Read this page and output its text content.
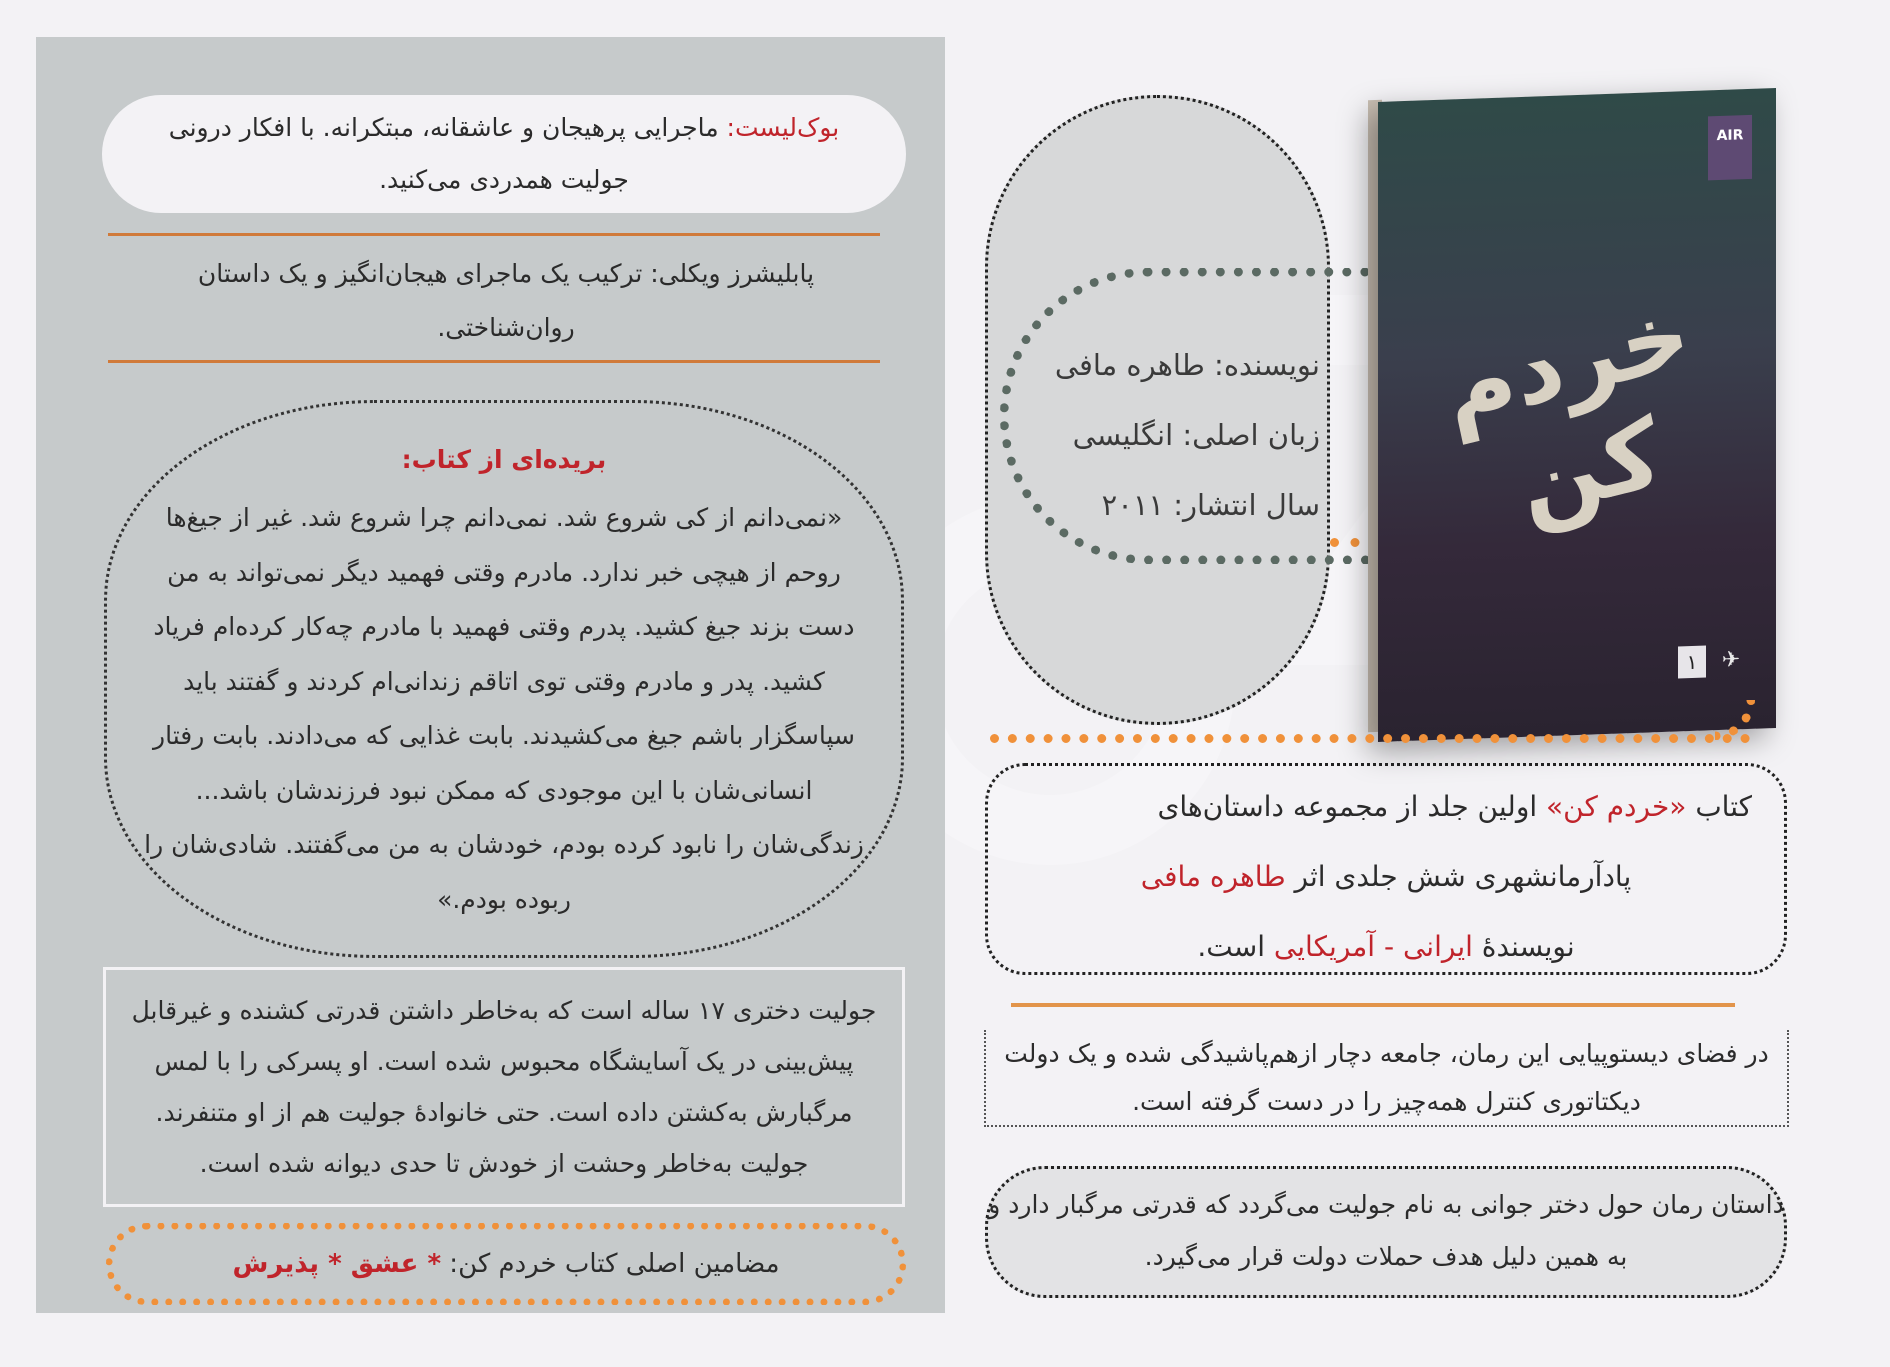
بوک‌لیست: ماجرایی پرهیجان و عاشقانه، مبتکرانه. با افکار درونی جولیت همدردی می‌کنید.
پابلیشرز ویکلی: ترکیب یک ماجرای هیجان‌انگیز و یک داستان روان‌شناختی.
بریده‌ای از کتاب:
«نمی‌دانم از کی شروع شد. نمی‌دانم چرا شروع شد. غیر از جیغ‌ها روحم از هیچی خبر ندارد. مادرم وقتی فهمید دیگر نمی‌تواند به من دست بزند جیغ کشید. پدرم وقتی فهمید با مادرم چه‌کار کرده‌ام فریاد کشید. پدر و مادرم وقتی توی اتاقم زندانی‌ام کردند و گفتند باید سپاسگزار باشم جیغ می‌کشیدند. بابت غذایی که می‌دادند. بابت رفتار انسانی‌شان با این موجودی که ممکن نبود فرزندشان باشد... زندگی‌شان را نابود کرده بودم، خودشان به من می‌گفتند. شادی‌شان را ربوده بودم.»
جولیت دختری ۱۷ ساله است که به‌خاطر داشتن قدرتی کشنده و غیرقابل پیش‌بینی در یک آسایشگاه محبوس شده است. او پسرکی را با لمس مرگبارش به‌کشتن داده است. حتی خانوادهٔ جولیت هم از او متنفرند. جولیت به‌خاطر وحشت از خودش تا حدی دیوانه شده است.
مضامین اصلی کتاب خردم کن: * عشق * پذیرش
نویسنده: طاهره مافی
زبان اصلی: انگلیسی
سال انتشار: ۲۰۱۱
AIR
خردم کن
۱	✈
کتاب «خردم کن» اولین جلد از مجموعه داستان‌های
پادآرمانشهری شش جلدی اثر طاهره مافی
نویسندهٔ ایرانی - آمریکایی است.
در فضای دیستوپیایی این رمان، جامعه دچار ازهم‌پاشیدگی شده و یک دولت دیکتاتوری کنترل همه‌چیز را در دست گرفته است.
داستان رمان حول دختر جوانی به نام جولیت می‌گردد که قدرتی مرگبار دارد و به همین دلیل هدف حملات دولت قرار می‌گیرد.
